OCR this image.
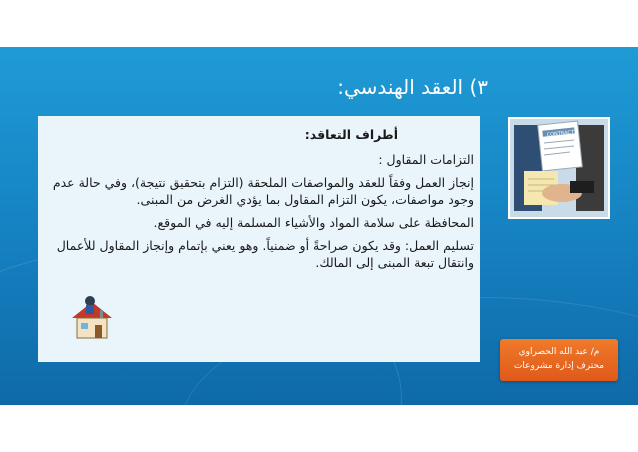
٣) العقد الهندسي:

أطراف التعاقد:

التزامات المقاول :

إنجاز العمل وفقاً للعقد والمواصفات الملحقة (التزام بتحقيق نتيجة)، وفي حالة عدم وجود مواصفات، يكون التزام المقاول بما يؤدي الغرض من المبنى.

المحافظة على سلامة المواد والأشياء المسلمة إليه في الموقع.

تسليم العمل: وقد يكون صراحةً أو ضمنياً. وهو يعني بإتمام وإنجاز المقاول للأعمال وانتقال تبعة المبنى إلى المالك.

CONTRACT
م/ عبد الله الحصراوي
محترف إدارة مشروعات
